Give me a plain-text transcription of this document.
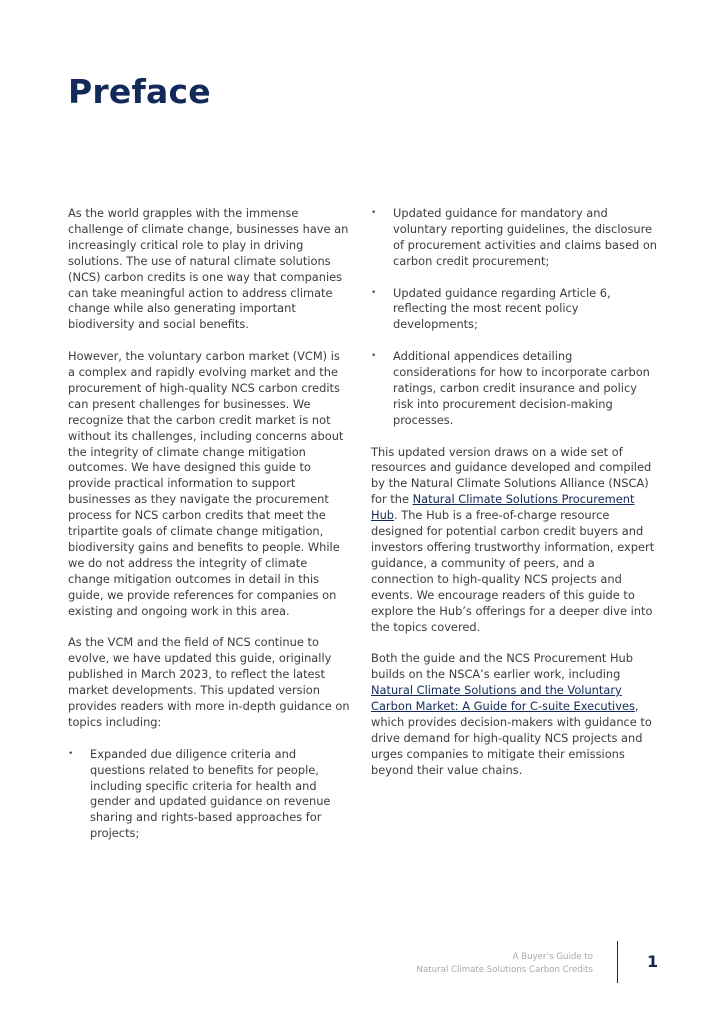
Preface

As the world grapples with the immense challenge of climate change, businesses have an increasingly critical role to play in driving solutions. The use of natural climate solutions (NCS) carbon credits is one way that companies can take meaningful action to address climate change while also generating important biodiversity and social benefits.

However, the voluntary carbon market (VCM) is a complex and rapidly evolving market and the procurement of high-quality NCS carbon credits can present challenges for businesses. We recognize that the carbon credit market is not without its challenges, including concerns about the integrity of climate change mitigation outcomes. We have designed this guide to provide practical information to support businesses as they navigate the procurement process for NCS carbon credits that meet the tripartite goals of climate change mitigation, biodiversity gains and benefits to people. While we do not address the integrity of climate change mitigation outcomes in detail in this guide, we provide references for companies on existing and ongoing work in this area.

As the VCM and the field of NCS continue to evolve, we have updated this guide, originally published in March 2023, to reflect the latest market developments. This updated version provides readers with more in-depth guidance on topics including:

• Expanded due diligence criteria and questions related to benefits for people, including specific criteria for health and gender and updated guidance on revenue sharing and rights-based approaches for projects;
• Updated guidance for mandatory and voluntary reporting guidelines, the disclosure of procurement activities and claims based on carbon credit procurement;
• Updated guidance regarding Article 6, reflecting the most recent policy developments;
• Additional appendices detailing considerations for how to incorporate carbon ratings, carbon credit insurance and policy risk into procurement decision-making processes.

This updated version draws on a wide set of resources and guidance developed and compiled by the Natural Climate Solutions Alliance (NSCA) for the Natural Climate Solutions Procurement Hub. The Hub is a free-of-charge resource designed for potential carbon credit buyers and investors offering trustworthy information, expert guidance, a community of peers, and a connection to high-quality NCS projects and events. We encourage readers of this guide to explore the Hub’s offerings for a deeper dive into the topics covered.

Both the guide and the NCS Procurement Hub builds on the NSCA’s earlier work, including Natural Climate Solutions and the Voluntary Carbon Market: A Guide for C-suite Executives, which provides decision-makers with guidance to drive demand for high-quality NCS projects and urges companies to mitigate their emissions beyond their value chains.

A Buyer’s Guide to
Natural Climate Solutions Carbon Credits	1
